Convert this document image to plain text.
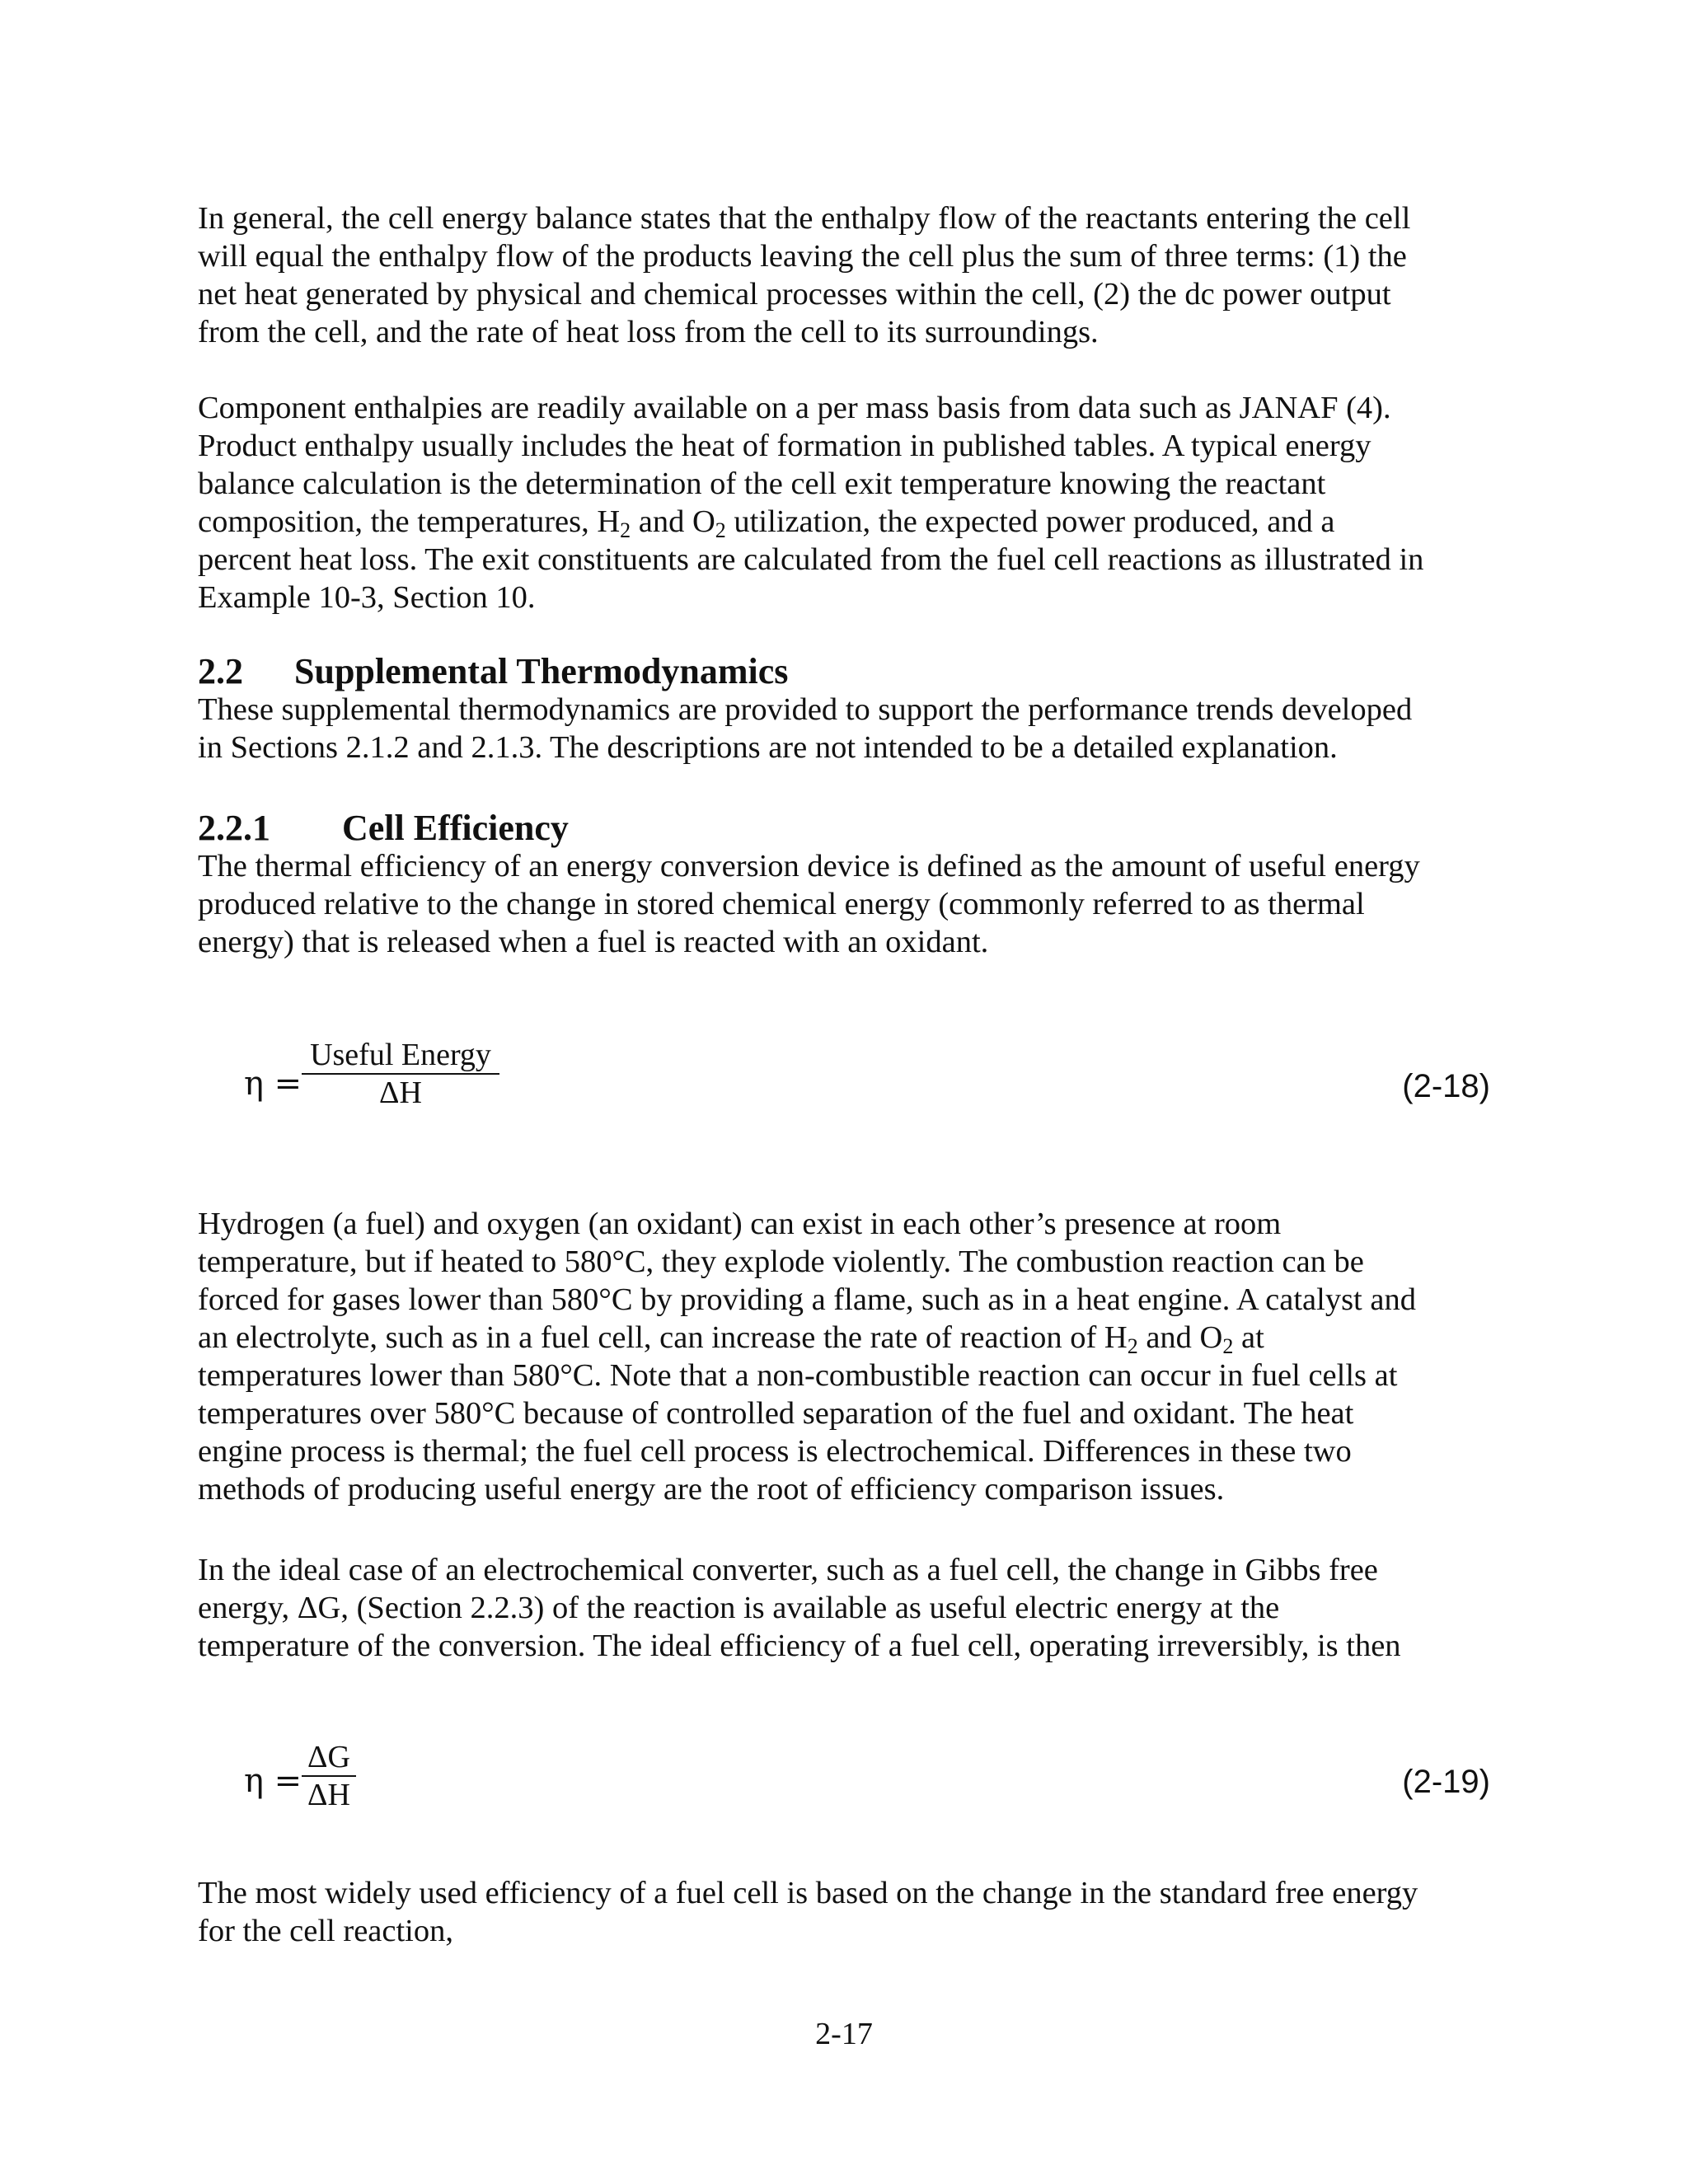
In general, the cell energy balance states that the enthalpy flow of the reactants entering the cell
will equal the enthalpy flow of the products leaving the cell plus the sum of three terms: (1) the
net heat generated by physical and chemical processes within the cell, (2) the dc power output
from the cell, and the rate of heat loss from the cell to its surroundings.
Component enthalpies are readily available on a per mass basis from data such as JANAF (4).
Product enthalpy usually includes the heat of formation in published tables. A typical energy
balance calculation is the determination of the cell exit temperature knowing the reactant
composition, the temperatures, $H_2$ and $O_2$ utilization, the expected power produced, and a
percent heat loss. The exit constituents are calculated from the fuel cell reactions as illustrated in
Example 10-3, Section 10.
2.2 Supplemental Thermodynamics
These supplemental thermodynamics are provided to support the performance trends developed
in Sections 2.1.2 and 2.1.3. The descriptions are not intended to be a detailed explanation.
2.2.1 Cell Efficiency
The thermal efficiency of an energy conversion device is defined as the amount of useful energy
produced relative to the change in stored chemical energy (commonly referred to as thermal
energy) that is released when a fuel is reacted with an oxidant.
η =
Useful Energy
ΔH	(2-18)
Hydrogen (a fuel) and oxygen (an oxidant) can exist in each other’s presence at room
temperature, but if heated to 580°C, they explode violently. The combustion reaction can be
forced for gases lower than 580°C by providing a flame, such as in a heat engine. A catalyst and
an electrolyte, such as in a fuel cell, can increase the rate of reaction of $H_2$ and $O_2$ at
temperatures lower than 580°C. Note that a non-combustible reaction can occur in fuel cells at
temperatures over 580°C because of controlled separation of the fuel and oxidant. The heat
engine process is thermal; the fuel cell process is electrochemical. Differences in these two
methods of producing useful energy are the root of efficiency comparison issues.
In the ideal case of an electrochemical converter, such as a fuel cell, the change in Gibbs free
energy, ΔG, (Section 2.2.3) of the reaction is available as useful electric energy at the
temperature of the conversion. The ideal efficiency of a fuel cell, operating irreversibly, is then
η =
ΔG
ΔH	(2-19)
The most widely used efficiency of a fuel cell is based on the change in the standard free energy
for the cell reaction,
2-17
